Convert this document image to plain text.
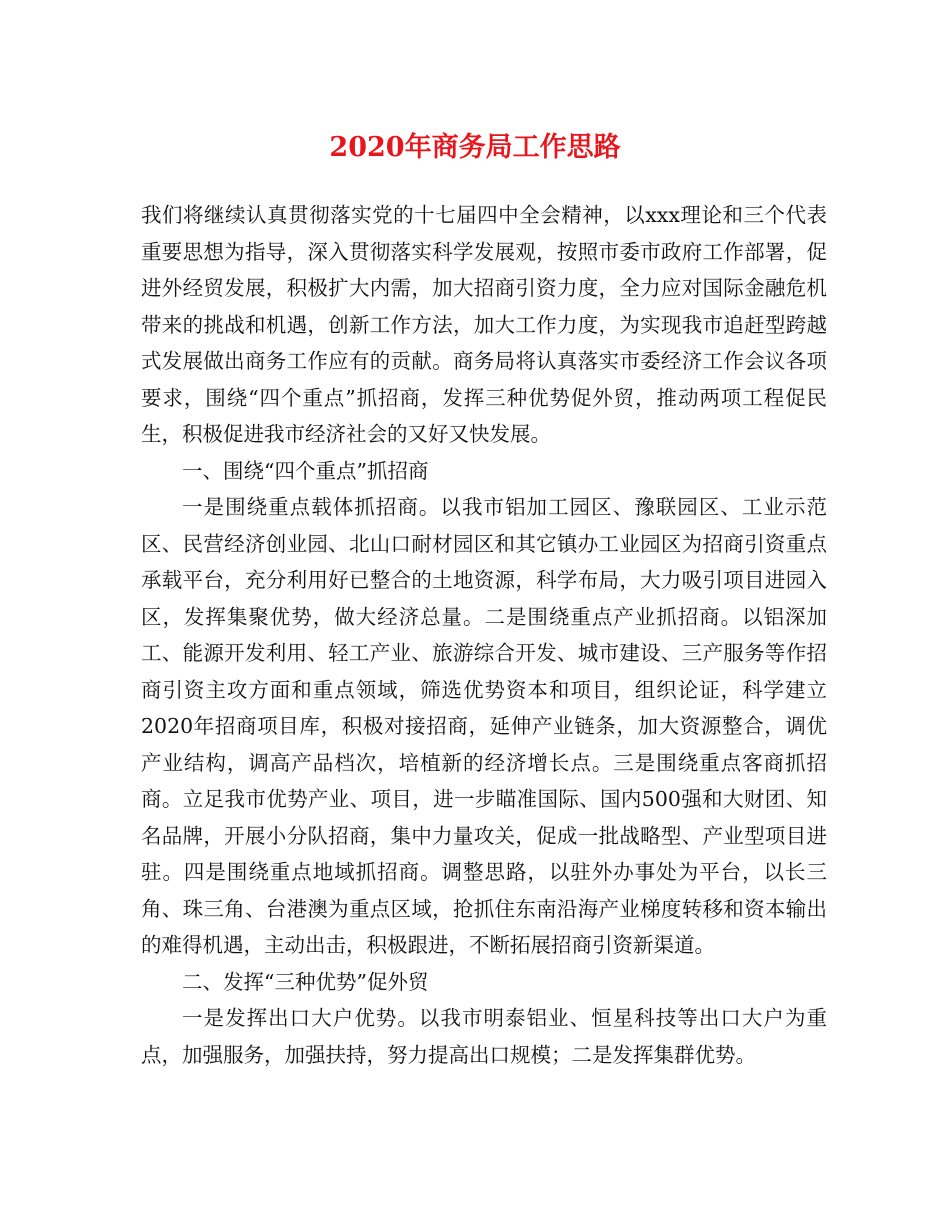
2020年商务局工作思路

我们将继续认真贯彻落实党的十七届四中全会精神，以xxx理论和三个代表重要思想为指导，深入贯彻落实科学发展观，按照市委市政府工作部署，促进外经贸发展，积极扩大内需，加大招商引资力度，全力应对国际金融危机带来的挑战和机遇，创新工作方法，加大工作力度，为实现我市追赶型跨越式发展做出商务工作应有的贡献。商务局将认真落实市委经济工作会议各项要求，围绕“四个重点”抓招商，发挥三种优势促外贸，推动两项工程促民生，积极促进我市经济社会的又好又快发展。

一、围绕“四个重点”抓招商

一是围绕重点载体抓招商。以我市铝加工园区、豫联园区、工业示范区、民营经济创业园、北山口耐材园区和其它镇办工业园区为招商引资重点承载平台，充分利用好已整合的土地资源，科学布局，大力吸引项目进园入区，发挥集聚优势，做大经济总量。二是围绕重点产业抓招商。以铝深加工、能源开发利用、轻工产业、旅游综合开发、城市建设、三产服务等作招商引资主攻方面和重点领域，筛选优势资本和项目，组织论证，科学建立2020年招商项目库，积极对接招商，延伸产业链条，加大资源整合，调优产业结构，调高产品档次，培植新的经济增长点。三是围绕重点客商抓招商。立足我市优势产业、项目，进一步瞄准国际、国内500强和大财团、知名品牌，开展小分队招商，集中力量攻关，促成一批战略型、产业型项目进驻。四是围绕重点地域抓招商。调整思路，以驻外办事处为平台，以长三角、珠三角、台港澳为重点区域，抢抓住东南沿海产业梯度转移和资本输出的难得机遇，主动出击，积极跟进，不断拓展招商引资新渠道。

二、发挥“三种优势”促外贸

一是发挥出口大户优势。以我市明泰铝业、恒星科技等出口大户为重点，加强服务，加强扶持，努力提高出口规模；二是发挥集群优势。
